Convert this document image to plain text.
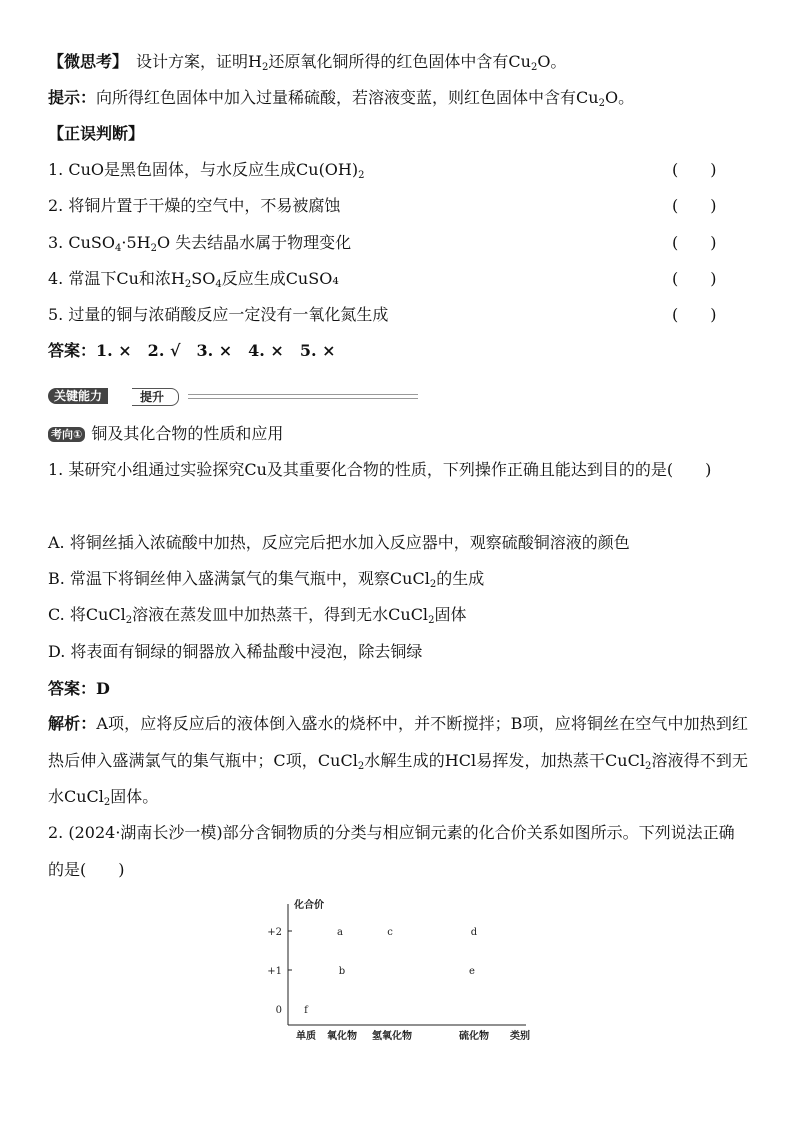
【微思考】　 设计方案，证明$H_2$还原氧化铜所得的红色固体中含有$Cu_2O$。
提示：向所得红色固体中加入过量稀硫酸，若溶液变蓝，则红色固体中含有$Cu_2O$。
【正误判断】
1. CuO是黑色固体，与水反应生成$Cu(OH)_2$	(　　)
2. 将铜片置于干燥的空气中，不易被腐蚀	(　　)
3. $CuSO_4\cdot 5H_2O$ 失去结晶水属于物理变化	(　　)
4. 常温下Cu和浓$H_2SO_4$反应生成CuSO₄	(　　)
5. 过量的铜与浓硝酸反应一定没有一氧化氮生成	(　　)
答案：1. ×　2. √　3. ×　4. ×　5. ×
关键能力	提升
考向① 铜及其化合物的性质和应用
1. 某研究小组通过实验探究Cu及其重要化合物的性质，下列操作正确且能达到目的的是(　　)
A. 将铜丝插入浓硫酸中加热，反应完后把水加入反应器中，观察硫酸铜溶液的颜色
B. 常温下将铜丝伸入盛满氯气的集气瓶中，观察CuCl$_2$的生成
C. 将CuCl$_2$溶液在蒸发皿中加热蒸干，得到无水CuCl$_2$固体
D. 将表面有铜绿的铜器放入稀盐酸中浸泡，除去铜绿
答案：D
解析：A项，应将反应后的液体倒入盛水的烧杯中，并不断搅拌；B项，应将铜丝在空气中加热到红热后伸入盛满氯气的集气瓶中；C项，CuCl$_2$水解生成的HCl易挥发，加热蒸干CuCl$_2$溶液得不到无水CuCl$_2$固体。
2. (2024·湖南长沙一模)部分含铜物质的分类与相应铜元素的化合价关系如图所示。下列说法正确的是(　　)
化合价
+2
+1
0
单质 氧化物 氢氧化物	硫化物 类别
f
a
b
c	d
e
